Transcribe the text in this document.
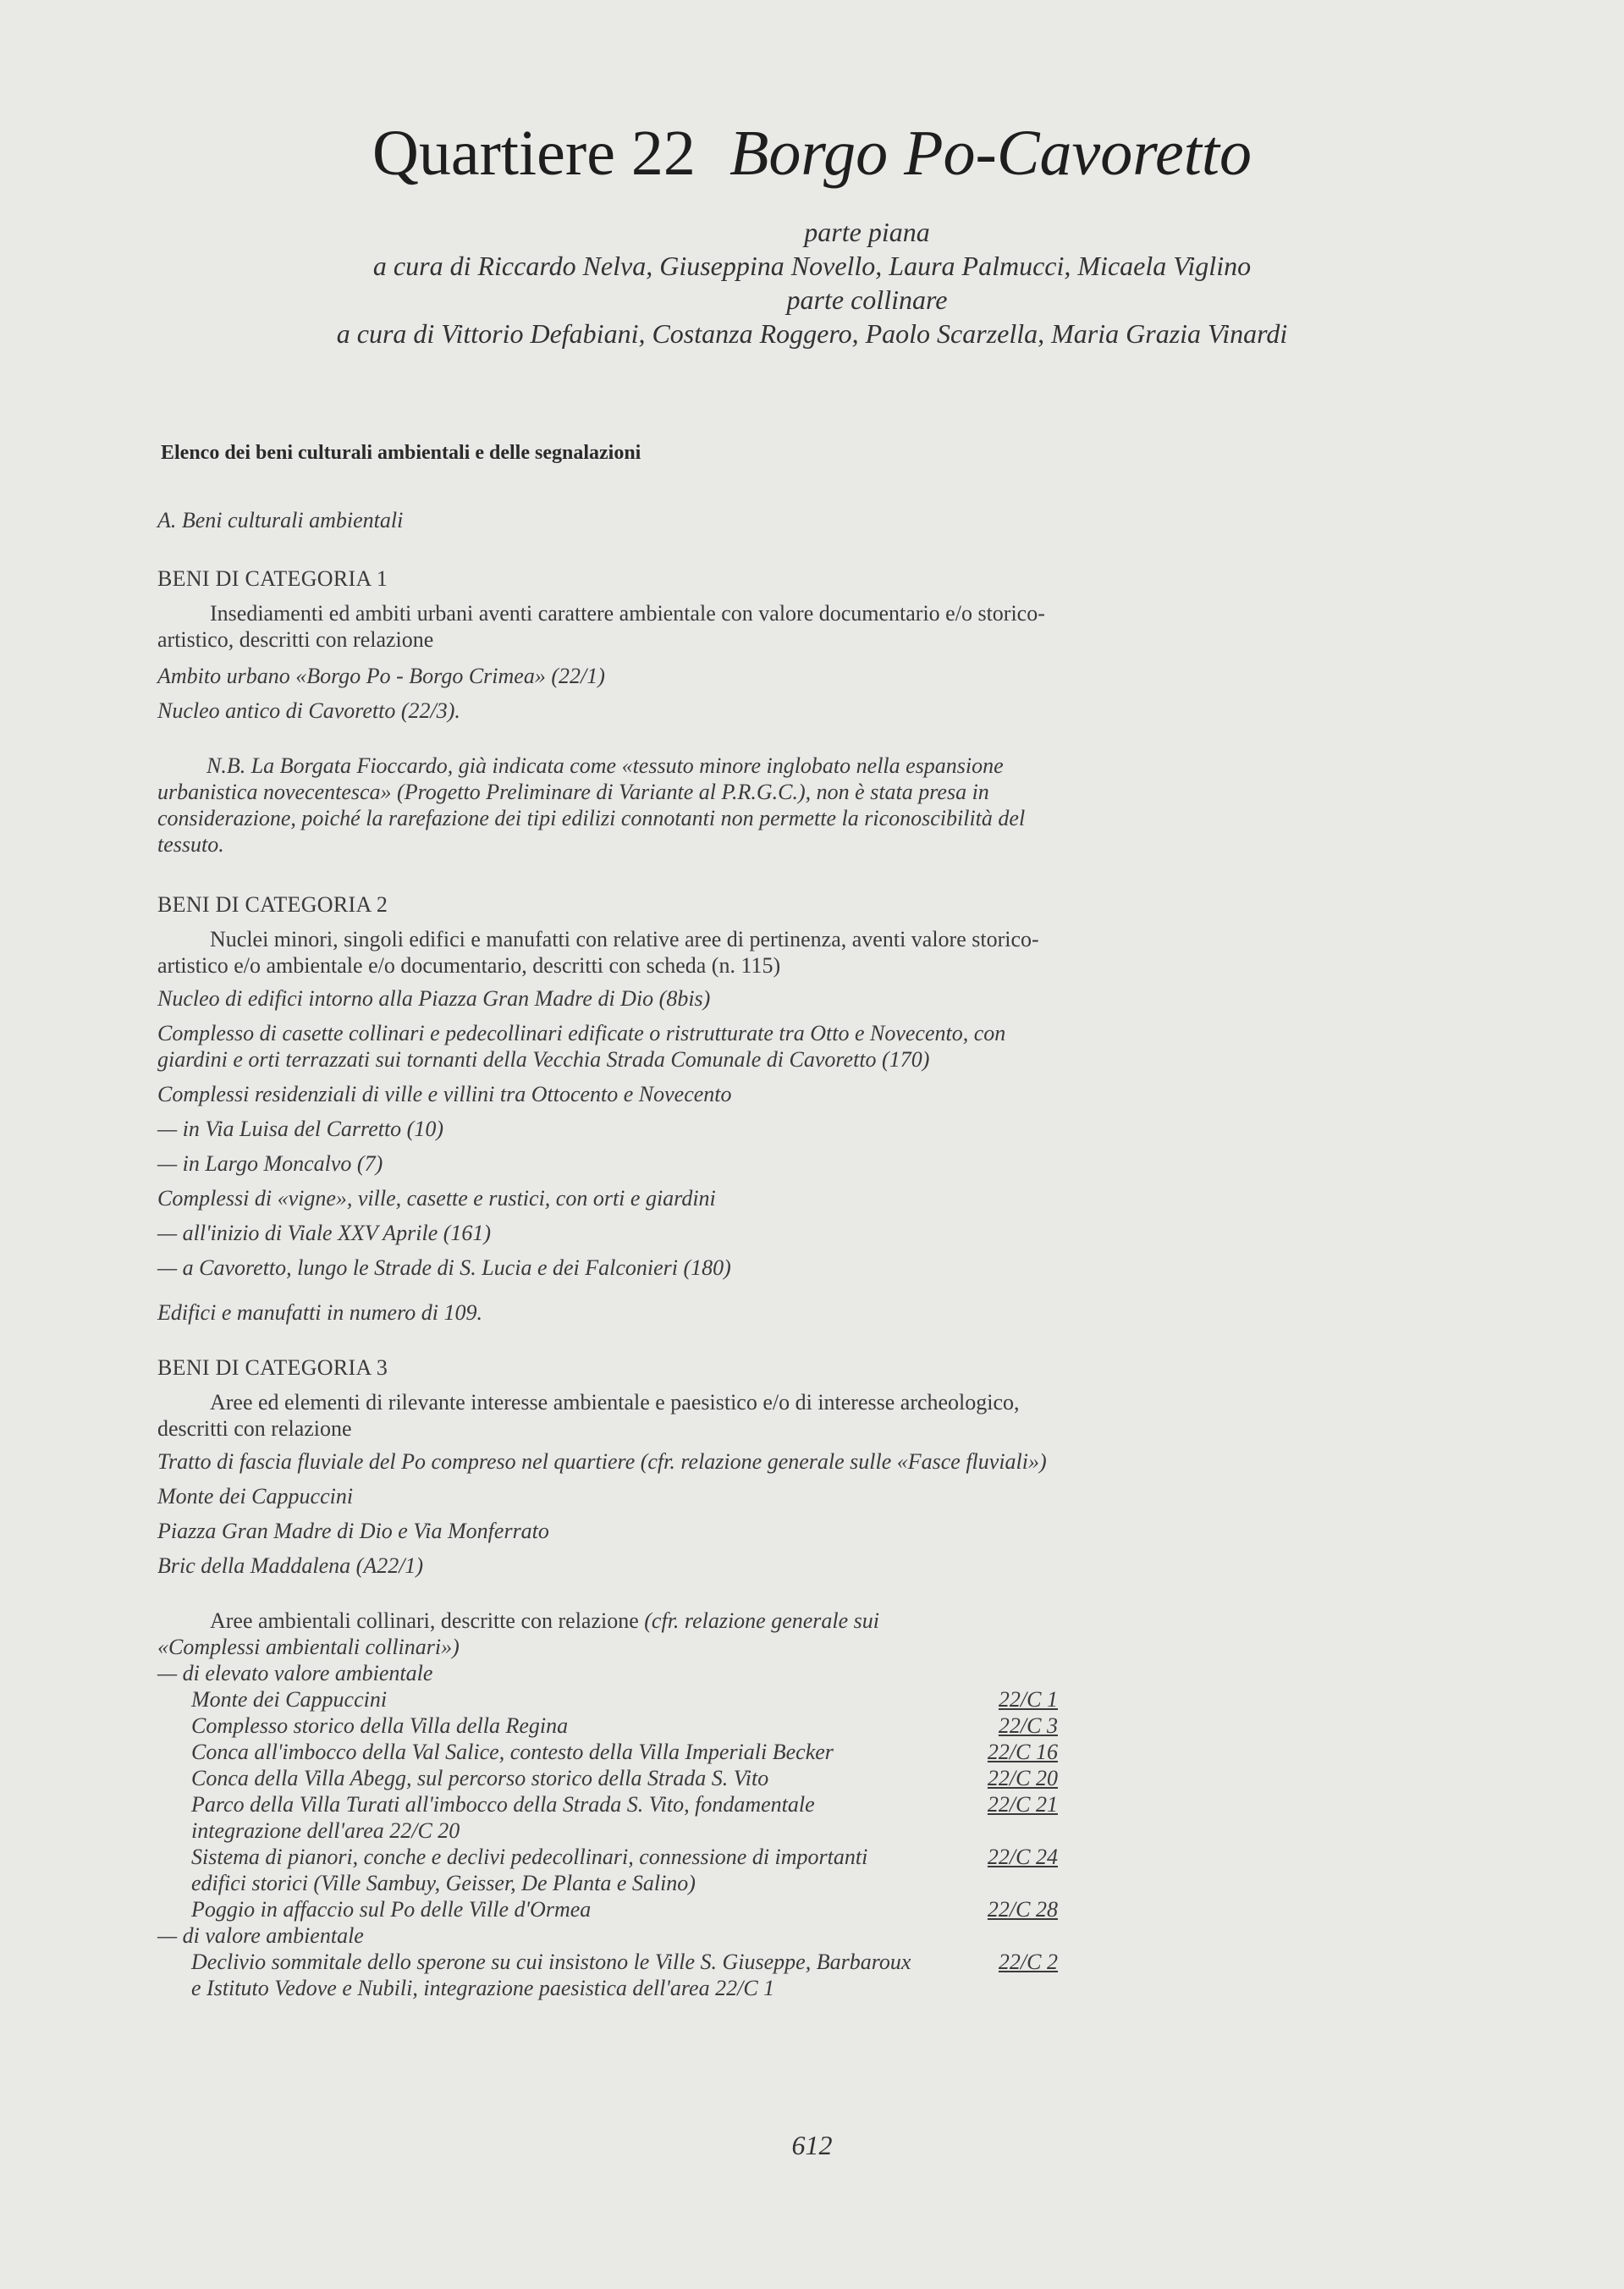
Quartiere 22 Borgo Po-Cavoretto
parte piana
a cura di Riccardo Nelva, Giuseppina Novello, Laura Palmucci, Micaela Viglino
parte collinare
a cura di Vittorio Defabiani, Costanza Roggero, Paolo Scarzella, Maria Grazia Vinardi
Elenco dei beni culturali ambientali e delle segnalazioni
A. Beni culturali ambientali
BENI DI CATEGORIA 1

Insediamenti ed ambiti urbani aventi carattere ambientale con valore documentario e/o storico-artistico, descritti con relazione

Ambito urbano «Borgo Po - Borgo Crimea» (22/1)
Nucleo antico di Cavoretto (22/3).
N.B. La Borgata Fioccardo, già indicata come «tessuto minore inglobato nella espansione urbanistica novecentesca» (Progetto Preliminare di Variante al P.R.G.C.), non è stata presa in considerazione, poiché la rarefazione dei tipi edilizi connotanti non permette la riconoscibilità del tessuto.
BENI DI CATEGORIA 2

Nuclei minori, singoli edifici e manufatti con relative aree di pertinenza, aventi valore storico-artistico e/o ambientale e/o documentario, descritti con scheda (n. 115)

Nucleo di edifici intorno alla Piazza Gran Madre di Dio (8bis)
Complesso di casette collinari e pedecollinari edificate o ristrutturate tra Otto e Novecento, con giardini e orti terrazzati sui tornanti della Vecchia Strada Comunale di Cavoretto (170)
Complessi residenziali di ville e villini tra Ottocento e Novecento
— in Via Luisa del Carretto (10)
— in Largo Moncalvo (7)
Complessi di «vigne», ville, casette e rustici, con orti e giardini
— all'inizio di Viale XXV Aprile (161)
— a Cavoretto, lungo le Strade di S. Lucia e dei Falconieri (180)
Edifici e manufatti in numero di 109.
BENI DI CATEGORIA 3

Aree ed elementi di rilevante interesse ambientale e paesistico e/o di interesse archeologico, descritti con relazione

Tratto di fascia fluviale del Po compreso nel quartiere (cfr. relazione generale sulle «Fasce fluviali»)
Monte dei Cappuccini
Piazza Gran Madre di Dio e Via Monferrato
Bric della Maddalena (A22/1)

Aree ambientali collinari, descritte con relazione (cfr. relazione generale sui «Complessi ambientali collinari»)

— di elevato valore ambientale
Monte dei Cappuccini	22/C 1
Complesso storico della Villa della Regina	22/C 3
Conca all'imbocco della Val Salice, contesto della Villa Imperiali Becker	22/C 16
Conca della Villa Abegg, sul percorso storico della Strada S. Vito	22/C 20
Parco della Villa Turati all'imbocco della Strada S. Vito, fondamentale integrazione dell'area 22/C 20	22/C 21
Sistema di pianori, conche e declivi pedecollinari, connessione di importanti edifici storici (Ville Sambuy, Geisser, De Planta e Salino)	22/C 24
Poggio in affaccio sul Po delle Ville d'Ormea	22/C 28
— di valore ambientale
Declivio sommitale dello sperone su cui insistono le Ville S. Giuseppe, Barbaroux e Istituto Vedove e Nubili, integrazione paesistica dell'area 22/C 1	22/C 2
612
